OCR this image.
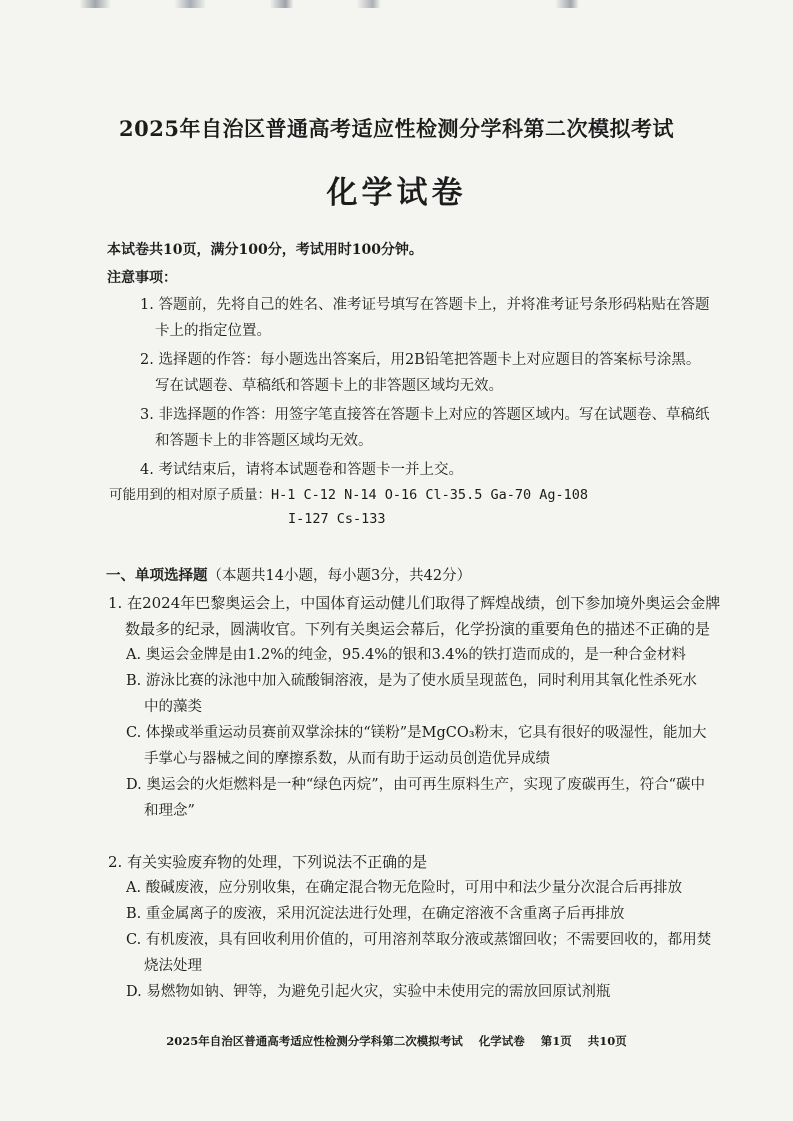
2025年自治区普通高考适应性检测分学科第二次模拟考试
化学试卷
本试卷共10页，满分100分，考试用时100分钟。
注意事项：
1. 答题前，先将自己的姓名、准考证号填写在答题卡上，并将准考证号条形码粘贴在答题
卡上的指定位置。
2. 选择题的作答：每小题选出答案后，用2B铅笔把答题卡上对应题目的答案标号涂黑。
写在试题卷、草稿纸和答题卡上的非答题区域均无效。
3. 非选择题的作答：用签字笔直接答在答题卡上对应的答题区域内。写在试题卷、草稿纸
和答题卡上的非答题区域均无效。
4. 考试结束后，请将本试题卷和答题卡一并上交。
可能用到的相对原子质量：H-1 C-12 N-14 O-16 Cl-35.5 Ga-70 Ag-108
I-127 Cs-133
一、单项选择题（本题共14小题，每小题3分，共42分）
1. 在2024年巴黎奥运会上，中国体育运动健儿们取得了辉煌战绩，创下参加境外奥运会金牌
数最多的纪录，圆满收官。下列有关奥运会幕后，化学扮演的重要角色的描述不正确的是
A. 奥运会金牌是由1.2%的纯金，95.4%的银和3.4%的铁打造而成的，是一种合金材料
B. 游泳比赛的泳池中加入硫酸铜溶液，是为了使水质呈现蓝色，同时利用其氧化性杀死水
中的藻类
C. 体操或举重运动员赛前双掌涂抹的“镁粉”是MgCO₃粉末，它具有很好的吸湿性，能加大
手掌心与器械之间的摩擦系数，从而有助于运动员创造优异成绩
D. 奥运会的火炬燃料是一种“绿色丙烷”，由可再生原料生产，实现了废碳再生，符合“碳中
和理念”
2. 有关实验废弃物的处理，下列说法不正确的是
A. 酸碱废液，应分别收集，在确定混合物无危险时，可用中和法少量分次混合后再排放
B. 重金属离子的废液，采用沉淀法进行处理，在确定溶液不含重离子后再排放
C. 有机废液，具有回收利用价值的，可用溶剂萃取分液或蒸馏回收；不需要回收的，都用焚
烧法处理
D. 易燃物如钠、钾等，为避免引起火灾，实验中未使用完的需放回原试剂瓶
2025年自治区普通高考适应性检测分学科第二次模拟考试 化学试卷 第1页 共10页
